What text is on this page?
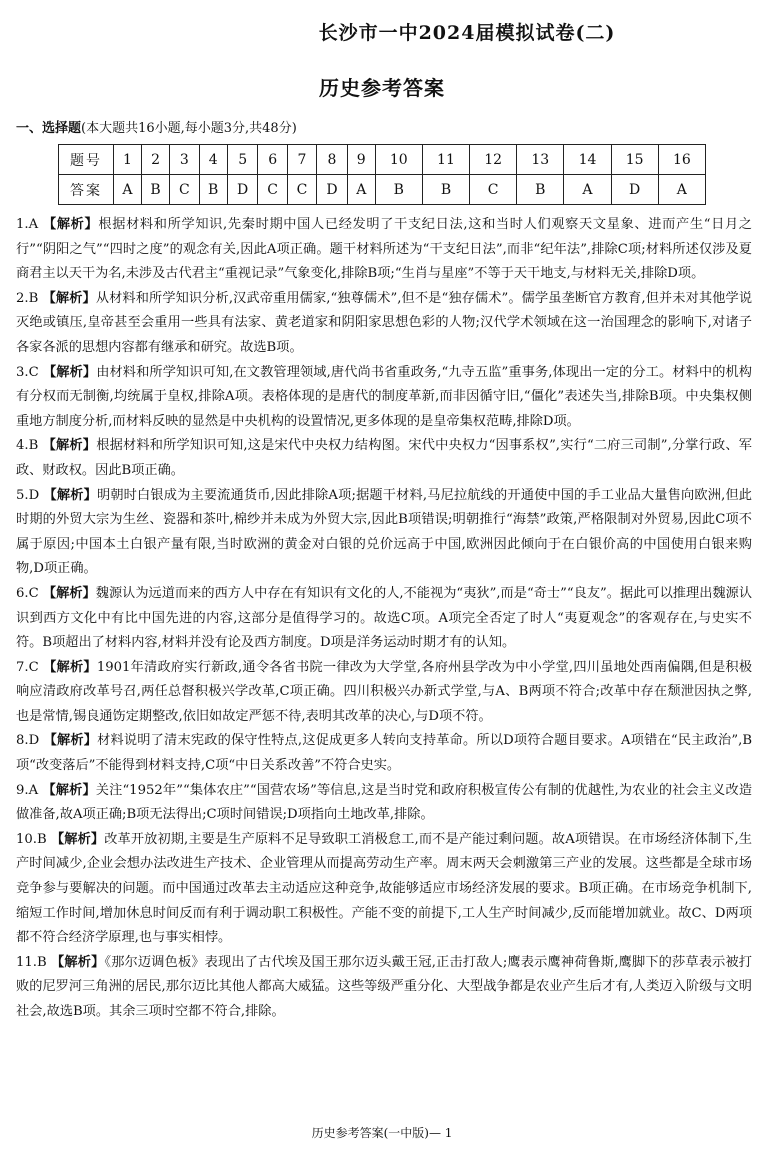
长沙市一中2024届模拟试卷(二)
历史参考答案
一、选择题(本大题共16小题,每小题3分,共48分)
题号	1	2	3	4	5	6	7	8	9	10	11	12	13	14	15	16
答案	A	B	C	B	D	C	C	D	A	B	B	C	B	A	D	A

1.A 【解析】根据材料和所学知识,先秦时期中国人已经发明了干支纪日法,这和当时人们观察天文星象、进而产生“日月之行”“阴阳之气”“四时之度”的观念有关,因此A项正确。题干材料所述为“干支纪日法”,而非“纪年法”,排除C项;材料所述仅涉及夏商君主以天干为名,未涉及古代君主“重视记录”气象变化,排除B项;“生肖与星座”不等于天干地支,与材料无关,排除D项。

2.B 【解析】从材料和所学知识分析,汉武帝重用儒家,“独尊儒术”,但不是“独存儒术”。儒学虽垄断官方教育,但并未对其他学说灭绝或镇压,皇帝甚至会重用一些具有法家、黄老道家和阴阳家思想色彩的人物;汉代学术领域在这一治国理念的影响下,对诸子各家各派的思想内容都有继承和研究。故选B项。

3.C 【解析】由材料和所学知识可知,在文教管理领域,唐代尚书省重政务,“九寺五监”重事务,体现出一定的分工。材料中的机构有分权而无制衡,均统属于皇权,排除A项。表格体现的是唐代的制度革新,而非因循守旧,“僵化”表述失当,排除B项。中央集权侧重地方制度分析,而材料反映的显然是中央机构的设置情况,更多体现的是皇帝集权范畴,排除D项。

4.B 【解析】根据材料和所学知识可知,这是宋代中央权力结构图。宋代中央权力“因事系权”,实行“二府三司制”,分掌行政、军政、财政权。因此B项正确。

5.D 【解析】明朝时白银成为主要流通货币,因此排除A项;据题干材料,马尼拉航线的开通使中国的手工业品大量售向欧洲,但此时期的外贸大宗为生丝、瓷器和茶叶,棉纱并未成为外贸大宗,因此B项错误;明朝推行“海禁”政策,严格限制对外贸易,因此C项不属于原因;中国本土白银产量有限,当时欧洲的黄金对白银的兑价远高于中国,欧洲因此倾向于在白银价高的中国使用白银来购物,D项正确。

6.C 【解析】魏源认为远道而来的西方人中存在有知识有文化的人,不能视为“夷狄”,而是“奇士”“良友”。据此可以推理出魏源认识到西方文化中有比中国先进的内容,这部分是值得学习的。故选C项。A项完全否定了时人“夷夏观念”的客观存在,与史实不符。B项超出了材料内容,材料并没有论及西方制度。D项是洋务运动时期才有的认知。

7.C 【解析】1901年清政府实行新政,通令各省书院一律改为大学堂,各府州县学改为中小学堂,四川虽地处西南偏隅,但是积极响应清政府改革号召,两任总督积极兴学改革,C项正确。四川积极兴办新式学堂,与A、B两项不符合;改革中存在颓泄因执之弊,也是常情,锡良通饬定期整改,依旧如故定严惩不待,表明其改革的决心,与D项不符。

8.D 【解析】材料说明了清末宪政的保守性特点,这促成更多人转向支持革命。所以D项符合题目要求。A项错在“民主政治”,B项“改变落后”不能得到材料支持,C项“中日关系改善”不符合史实。

9.A 【解析】关注“1952年”“集体农庄”“国营农场”等信息,这是当时党和政府积极宣传公有制的优越性,为农业的社会主义改造做准备,故A项正确;B项无法得出;C项时间错误;D项指向土地改革,排除。

10.B 【解析】改革开放初期,主要是生产原料不足导致职工消极怠工,而不是产能过剩问题。故A项错误。在市场经济体制下,生产时间减少,企业会想办法改进生产技术、企业管理从而提高劳动生产率。周末两天会刺激第三产业的发展。这些都是全球市场竞争参与要解决的问题。而中国通过改革去主动适应这种竞争,故能够适应市场经济发展的要求。B项正确。在市场竞争机制下,缩短工作时间,增加休息时间反而有利于调动职工积极性。产能不变的前提下,工人生产时间减少,反而能增加就业。故C、D两项都不符合经济学原理,也与事实相悖。

11.B 【解析】《那尔迈调色板》表现出了古代埃及国王那尔迈头戴王冠,正击打敌人;鹰表示鹰神荷鲁斯,鹰脚下的莎草表示被打败的尼罗河三角洲的居民,那尔迈比其他人都高大威猛。这些等级严重分化、大型战争都是农业产生后才有,人类迈入阶级与文明社会,故选B项。其余三项时空都不符合,排除。

历史参考答案(一中版)— 1
